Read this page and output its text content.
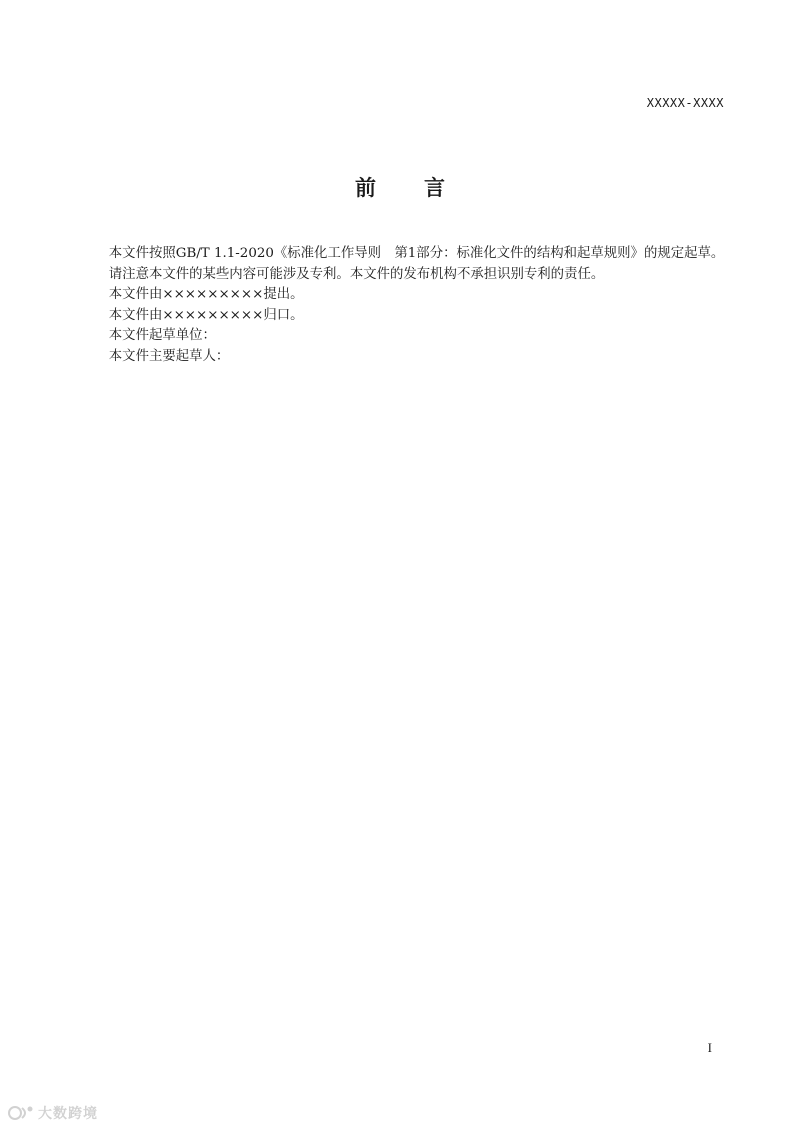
XXXXX-XXXX
前 言

本文件按照GB/T 1.1-2020《标准化工作导则　第1部分：标准化文件的结构和起草规则》的规定起草。

请注意本文件的某些内容可能涉及专利。本文件的发布机构不承担识别专利的责任。

本文件由×××××××××提出。

本文件由×××××××××归口。

本文件起草单位：

本文件主要起草人：

I
大数跨境
